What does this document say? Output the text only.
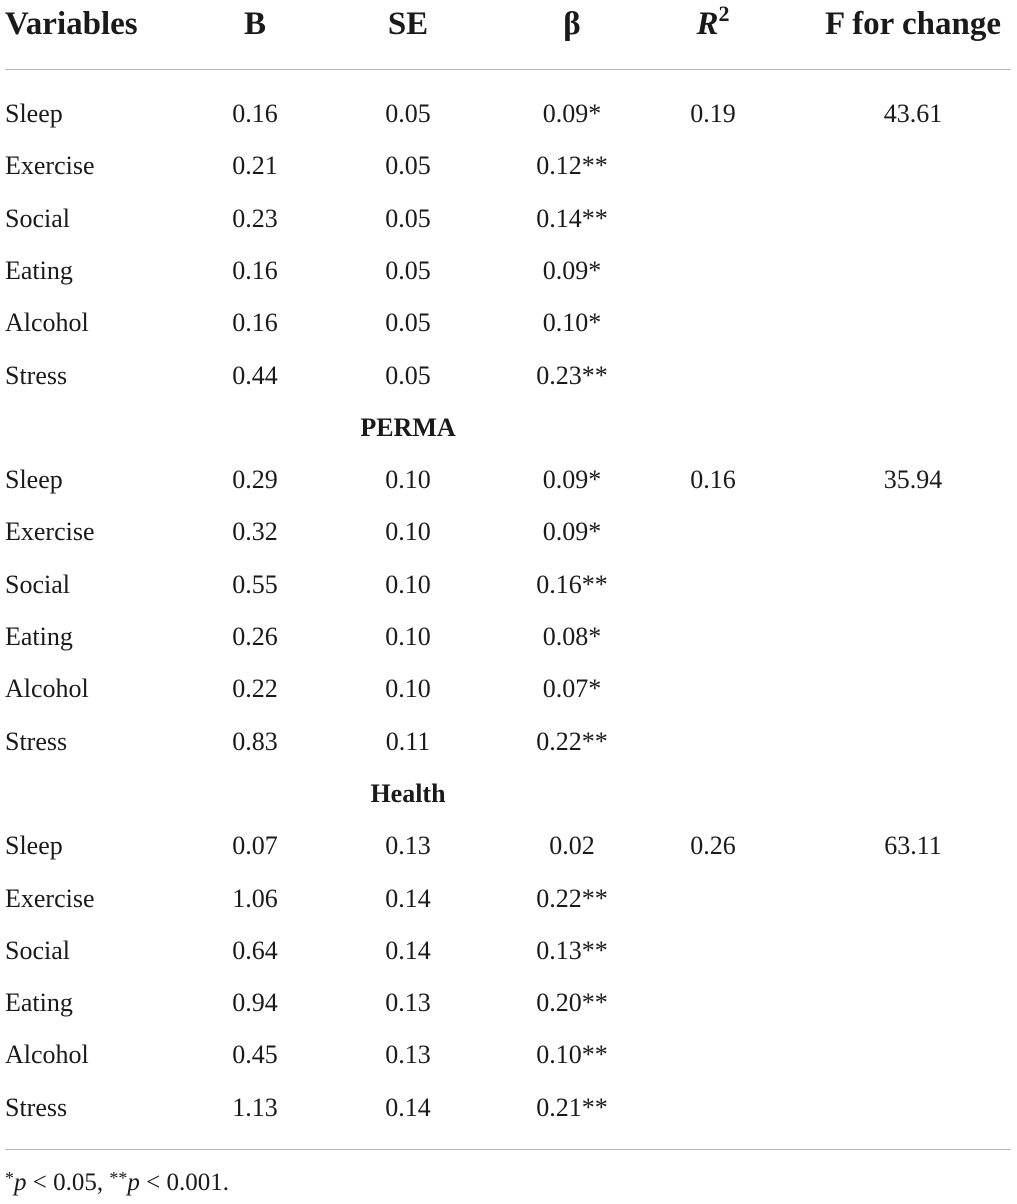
Variables	B	SE	β	$R^2$	F for change
Sleep	0.16	0.05	0.09*	0.19	43.61
Exercise	0.21	0.05	0.12**
Social	0.23	0.05	0.14**
Eating	0.16	0.05	0.09*
Alcohol	0.16	0.05	0.10*
Stress	0.44	0.05	0.23**
PERMA
Sleep	0.29	0.10	0.09*	0.16	35.94
Exercise	0.32	0.10	0.09*
Social	0.55	0.10	0.16**
Eating	0.26	0.10	0.08*
Alcohol	0.22	0.10	0.07*
Stress	0.83	0.11	0.22**
Health
Sleep	0.07	0.13	0.02	0.26	63.11
Exercise	1.06	0.14	0.22**
Social	0.64	0.14	0.13**
Eating	0.94	0.13	0.20**
Alcohol	0.45	0.13	0.10**
Stress	1.13	0.14	0.21**
*p < 0.05, **p < 0.001.
